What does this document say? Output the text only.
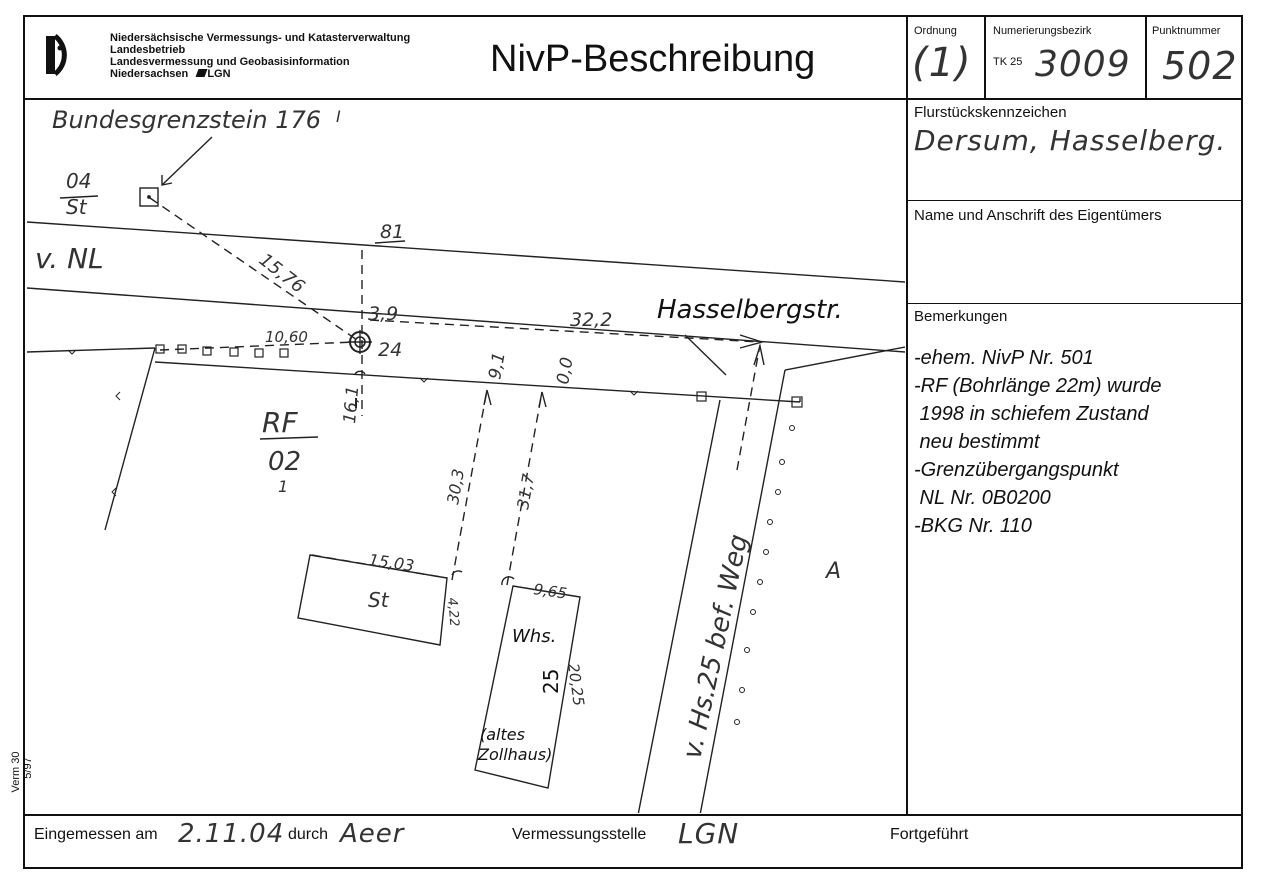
Verm 30 5/97
Niedersächsische Vermessungs- und Katasterverwaltung
Landesbetrieb
Landesvermessung und Geobasisinformation
Niedersachsen LGN	NivP-Beschreibung
Ordnung
(1)
Numerierungsbezirk
TK 25 3009
Punktnummer
502
Flurstückskennzeichen
Dersum, Hasselberg.
Name und Anschrift des Eigentümers
Bemerkungen
-ehem. NivP Nr. 501
-RF (Bohrlänge 22m) wurde
1998 in schiefem Zustand
neu bestimmt
-Grenzübergangspunkt
NL Nr. 0B0200
-BKG Nr. 110
Bundesgrenzstein 176 I
04
St
v. NL
Hasselbergstr.
15,76
81
3,9	32,2
10,60
24
16,1
9,1	0,0
RF
02
1	30,3	31,7
15,03
St	4,22
9,65
Whs.
25 20,25
(altes
Zollhaus)	v. Hs.25 bef. Weg	A
Eingemessen am 2.11.04 durch Aeer	Vermessungsstelle LGN	Fortgeführt
